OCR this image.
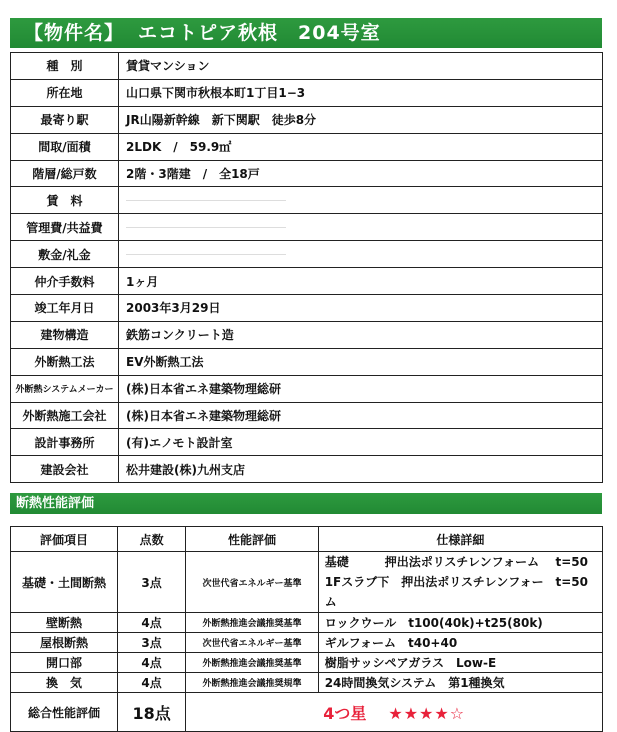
【物件名】 エコトピア秋根　204号室
種　別	賃貸マンション
所在地	山口県下関市秋根本町1丁目1−3
最寄り駅	JR山陽新幹線　新下関駅　徒歩8分
間取/面積	2LDK　/　59.9㎡
階層/総戸数	2階・3階建　/　全18戸
賃　料	
管理費/共益費	
敷金/礼金	
仲介手数料	1ヶ月
竣工年月日	2003年3月29日
建物構造	鉄筋コンクリート造
外断熱工法	EV外断熱工法
外断熱システムメーカー	(株)日本省エネ建築物理総研
外断熱施工会社	(株)日本省エネ建築物理総研
設計事務所	(有)エノモト設計室
建設会社	松井建設(株)九州支店
断熱性能評価
評価項目	点数	性能評価	仕様詳細
基礎・土間断熱	3点	次世代省エネルギー基準	基礎　　　押出法ポリスチレンフォーム t=50
1Fスラブ下　押出法ポリスチレンフォーム
t=50

壁断熱	4点	外断熱推進会議推奨基準	ロックウール　t100(40k)+t25(80k)

屋根断熱	3点	次世代省エネルギー基準	ギルフォーム　t40+40

開口部	4点	外断熱推進会議推奨基準	樹脂サッシペアガラス　Low-E

換　気	4点	外断熱推進会議推奨規準	24時間換気システム　第1種換気

総合性能評価	18点	4つ星 ★★★★☆	
